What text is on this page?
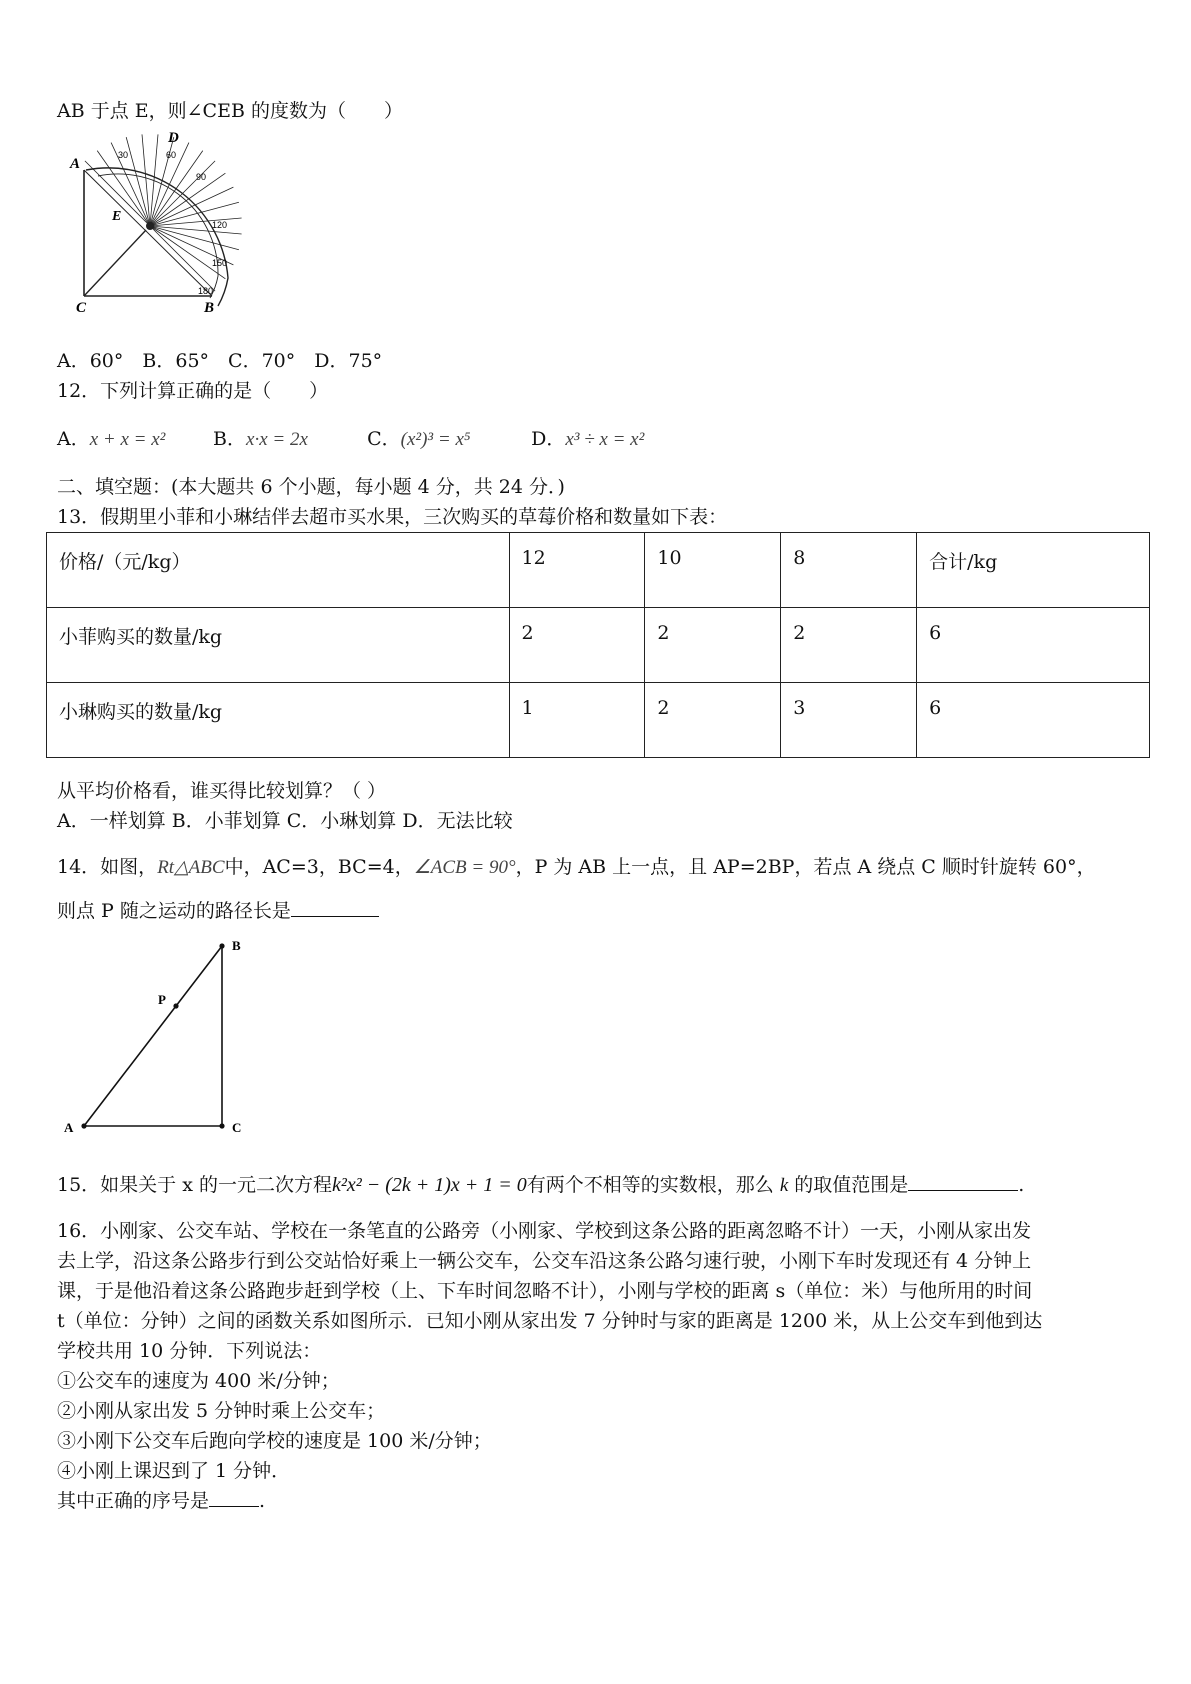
AB 于点 E，则∠CEB 的度数为（　　）
A
C	B
D
E
30	60
90
120
150
180
A．60°　B．65°　C．70°　D．75°
12．下列计算正确的是（　　）
A．x + x = x²	B．x·x = 2x	C．(x²)³ = x⁵	D．x³ ÷ x = x²
二、填空题：(本大题共 6 个小题，每小题 4 分，共 24 分．)
13．假期里小菲和小琳结伴去超市买水果，三次购买的草莓价格和数量如下表：
价格/（元/kg）	12	10	8	合计/kg
小菲购买的数量/kg	2	2	2	6
小琳购买的数量/kg	1	2	3	6
从平均价格看，谁买得比较划算？（ ）
A．一样划算 B．小菲划算 C．小琳划算 D．无法比较
14．如图，Rt△ABC中，AC=3，BC=4，∠ACB = 90°，P 为 AB 上一点，且 AP=2BP，若点 A 绕点 C 顺时针旋转 60°，
则点 P 随之运动的路径长是
A
B
C
P
15．如果关于 x 的一元二次方程k²x² − (2k + 1)x + 1 = 0有两个不相等的实数根，那么 k 的取值范围是	.
16．小刚家、公交车站、学校在一条笔直的公路旁（小刚家、学校到这条公路的距离忽略不计）一天，小刚从家出发
去上学，沿这条公路步行到公交站恰好乘上一辆公交车，公交车沿这条公路匀速行驶，小刚下车时发现还有 4 分钟上
课，于是他沿着这条公路跑步赶到学校（上、下车时间忽略不计），小刚与学校的距离 s（单位：米）与他所用的时间
t（单位：分钟）之间的函数关系如图所示．已知小刚从家出发 7 分钟时与家的距离是 1200 米，从上公交车到他到达
学校共用 10 分钟．下列说法：
①公交车的速度为 400 米/分钟；
②小刚从家出发 5 分钟时乘上公交车；
③小刚下公交车后跑向学校的速度是 100 米/分钟；
④小刚上课迟到了 1 分钟．
其中正确的序号是	.
